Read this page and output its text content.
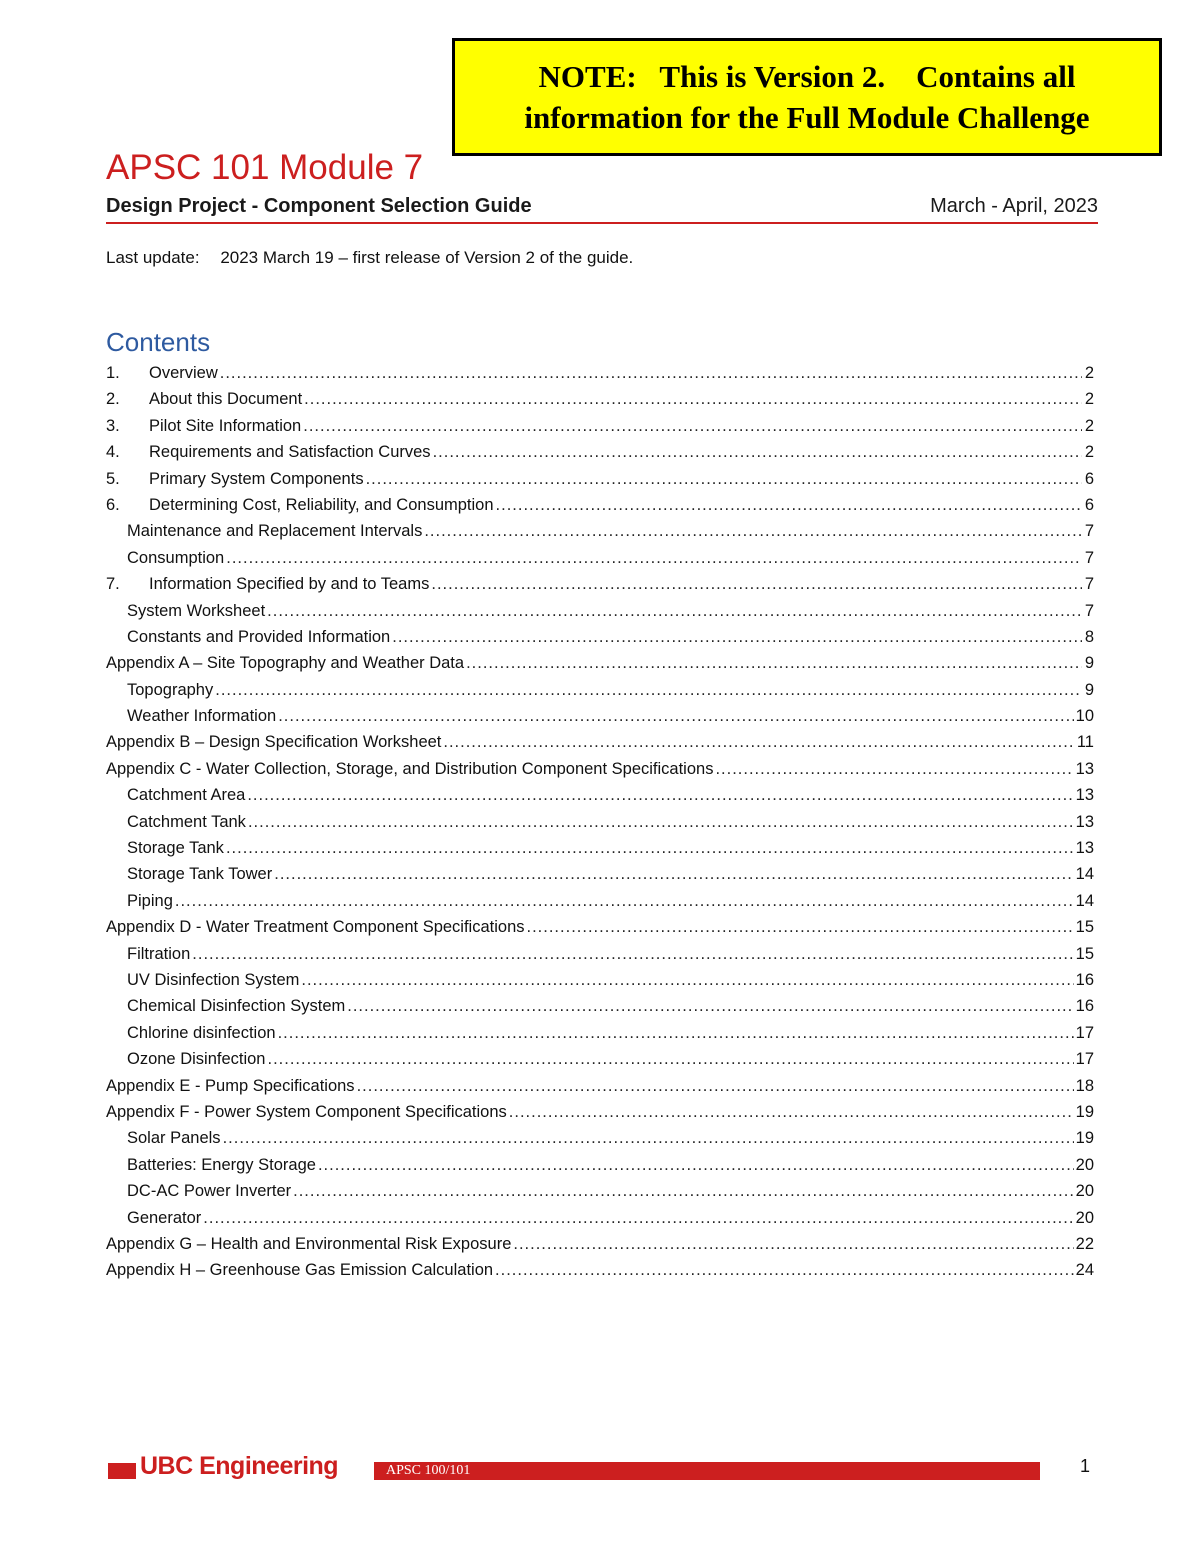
NOTE:   This is Version 2.    Contains all
information for the Full Module Challenge
APSC 101 Module 7
Design Project - Component Selection Guide	March - April, 2023
Last update: 2023 March 19 – first release of Version 2 of the guide.
Contents
1.	Overview .....	2
2.	About this Document .....	2
3.	Pilot Site Information .....	2
4.	Requirements and Satisfaction Curves .....	2
5.	Primary System Components .....	6
6.	Determining Cost, Reliability, and Consumption .....	6
Maintenance and Replacement Intervals .....	7
Consumption .....	7
7.	Information Specified by and to Teams .....	7
System Worksheet .....	7
Constants and Provided Information .....	8
Appendix A – Site Topography and Weather Data .....	9
Topography .....	9
Weather Information .....	10
Appendix B – Design Specification Worksheet .....	11
Appendix C - Water Collection, Storage, and Distribution Component Specifications .....	13
Catchment Area .....	13
Catchment Tank .....	13
Storage Tank .....	13
Storage Tank Tower .....	14
Piping .....	14
Appendix D - Water Treatment Component Specifications .....	15
Filtration .....	15
UV Disinfection System .....	16
Chemical Disinfection System .....	16
Chlorine disinfection .....	17
Ozone Disinfection .....	17
Appendix E - Pump Specifications .....	18
Appendix F - Power System Component Specifications .....	19
Solar Panels .....	19
Batteries: Energy Storage .....	20
DC-AC Power Inverter .....	20
Generator .....	20
Appendix G – Health and Environmental Risk Exposure .....	22
Appendix H – Greenhouse Gas Emission Calculation .....	24
UBC Engineering	APSC 100/101	1
